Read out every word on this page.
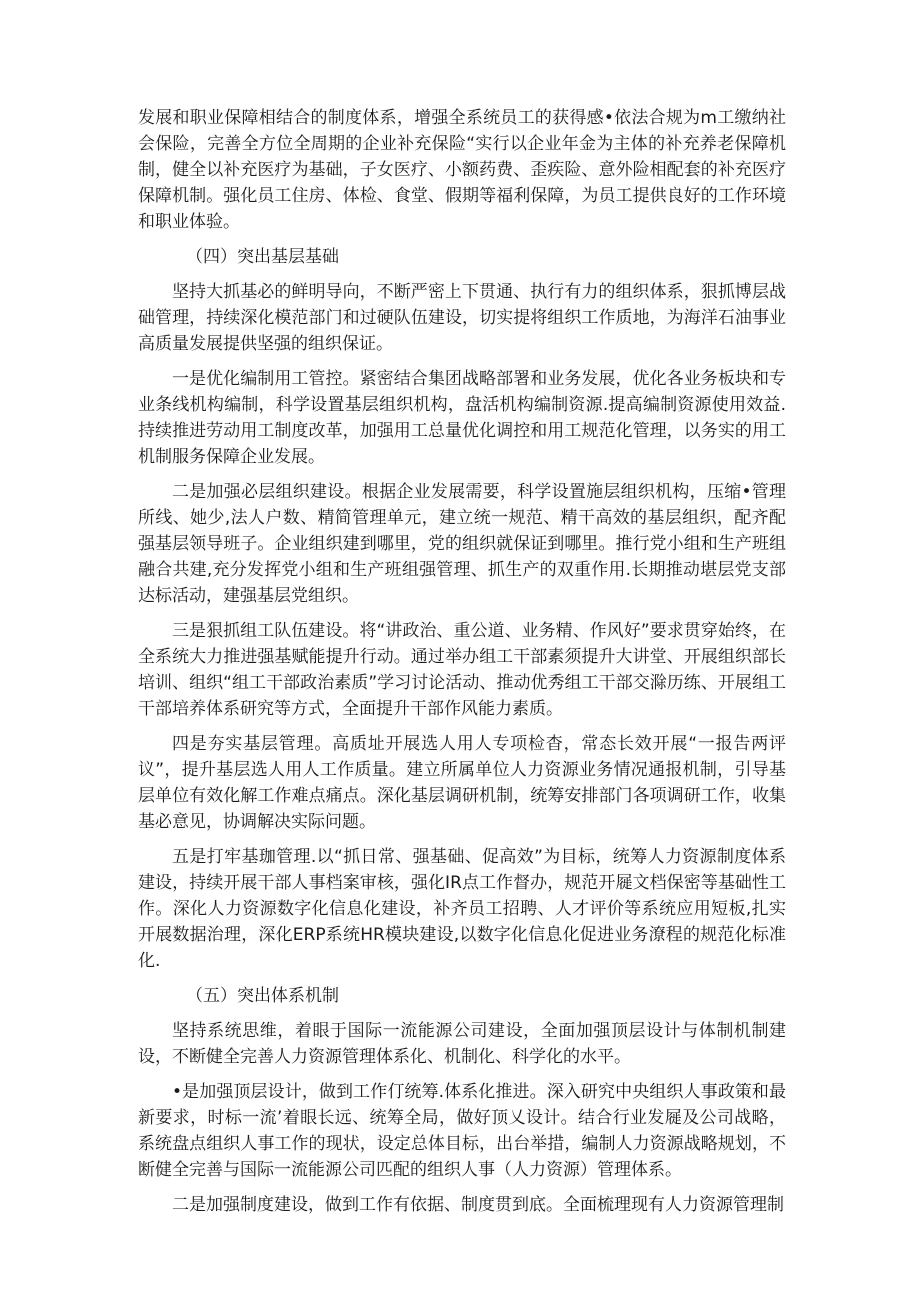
发展和职业保障相结合的制度体系，增强全系统员工的获得感•依法合规为m工缴纳社会保险，完善全方位全周期的企业补充保险“实行以企业年金为主体的补充养老保障机制，健全以补充医疗为基础，子女医疗、小额药费、歪疾险、意外险相配套的补充医疗保障机制。强化员工住房、体检、食堂、假期等福利保障，为员工提供良好的工作环境和职业体验。

（四）突出基层基础

坚持大抓基必的鲜明导向，不断严密上下贯通、执行有力的组织体系，狠抓博层战础管理，持续深化模范部门和过硬队伍建设，切实提将组织工作质地，为海洋石油事业高质量发展提供坚强的组织保证。

一是优化编制用工管控。紧密结合集团战略部署和业务发展，优化各业务板块和专业条线机构编制，科学设置基层组织机构，盘活机构编制资源.提高编制资源使用效益.持续推进劳动用工制度改革，加强用工总量优化调控和用工规范化管理，以务实的用工机制服务保障企业发展。

二是加强必层组织建设。根据企业发展需要，科学设置施层组织机构，压缩•管理所线、她少,法人户数、精简管理单元，建立统一规范、精干高效的基层组织，配齐配强基层领导班子。企业组织建到哪里，党的组织就保证到哪里。推行党小组和生产班组融合共建,充分发挥党小组和生产班组强管理、抓生产的双重作用.长期推动堪层党支部达标活动，建强基层党组织。

三是狠抓组工队伍建设。将“讲政治、重公道、业务精、作风好”要求贯穿始终，在全系统大力推进强基赋能提升行动。通过举办组工干部素须提升大讲堂、开展组织部长培训、组织“组工干部政治素质”学习讨论活动、推动优秀组工干部交滁历练、开展组工干部培养体系研究等方式，全面提升干部作风能力素质。

四是夯实基层管理。高质址开展选人用人专项检杳，常态长效开展“一报告两评议”，提升基层选人用人工作质量。建立所属单位人力资源业务情况通报机制，引导基层单位有效化解工作难点痛点。深化基层调研机制，统筹安排部门各项调研工作，收集基必意见，协调解决实际问题。

五是打牢基珈管理.以“抓日常、强基础、促高效”为目标，统筹人力资源制度体系建设，持续开展干部人事档案审核，强化IR点工作督办，规范开屣文档保密等基础性工作。深化人力资源数字化信息化建设，补齐员工招聘、人才评价等系统应用短板,扎实开展数据治理，深化ERP系统HR模块建设,以数字化信息化促进业务潦程的规范化标准化.

（五）突出体系机制

坚持系统思维，着眼于国际一流能源公司建设，全面加强顶层设计与体制机制建设，不断健全完善人力资源管理体系化、机制化、科学化的水平。

•是加强顶层设计，做到工作仃统筹.体系化推进。深入研究中央组织人事政策和最新要求，时标一流’着眼长远、统筹全局，做好顶乂设计。结合行业发屣及公司战略，系统盘点组织人事工作的现状，设定总体目标，出台举措，编制人力资源战略规划，不断健全完善与国际一流能源公司匹配的组织人事（人力资源）管理体系。

二是加强制度建设，做到工作有依据、制度贯到底。全面梳理现有人力资源管理制
